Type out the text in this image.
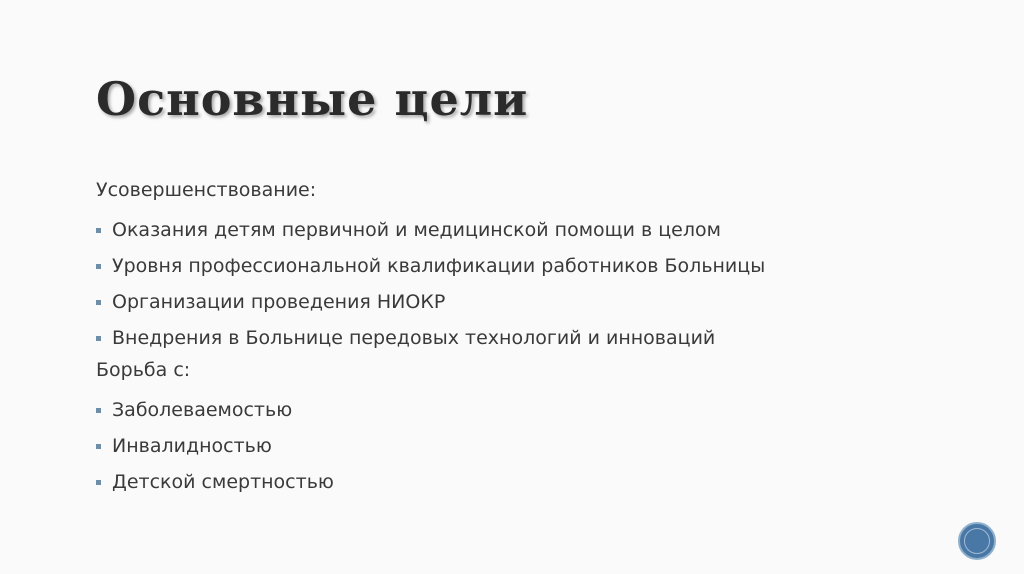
Основные цели
Усовершенствование:
Оказания детям первичной и медицинской помощи в целом
Уровня профессиональной квалификации работников Больницы
Организации проведения НИОКР
Внедрения в Больнице передовых технологий и инноваций
Борьба с:
Заболеваемостью
Инвалидностью
Детской смертностью
